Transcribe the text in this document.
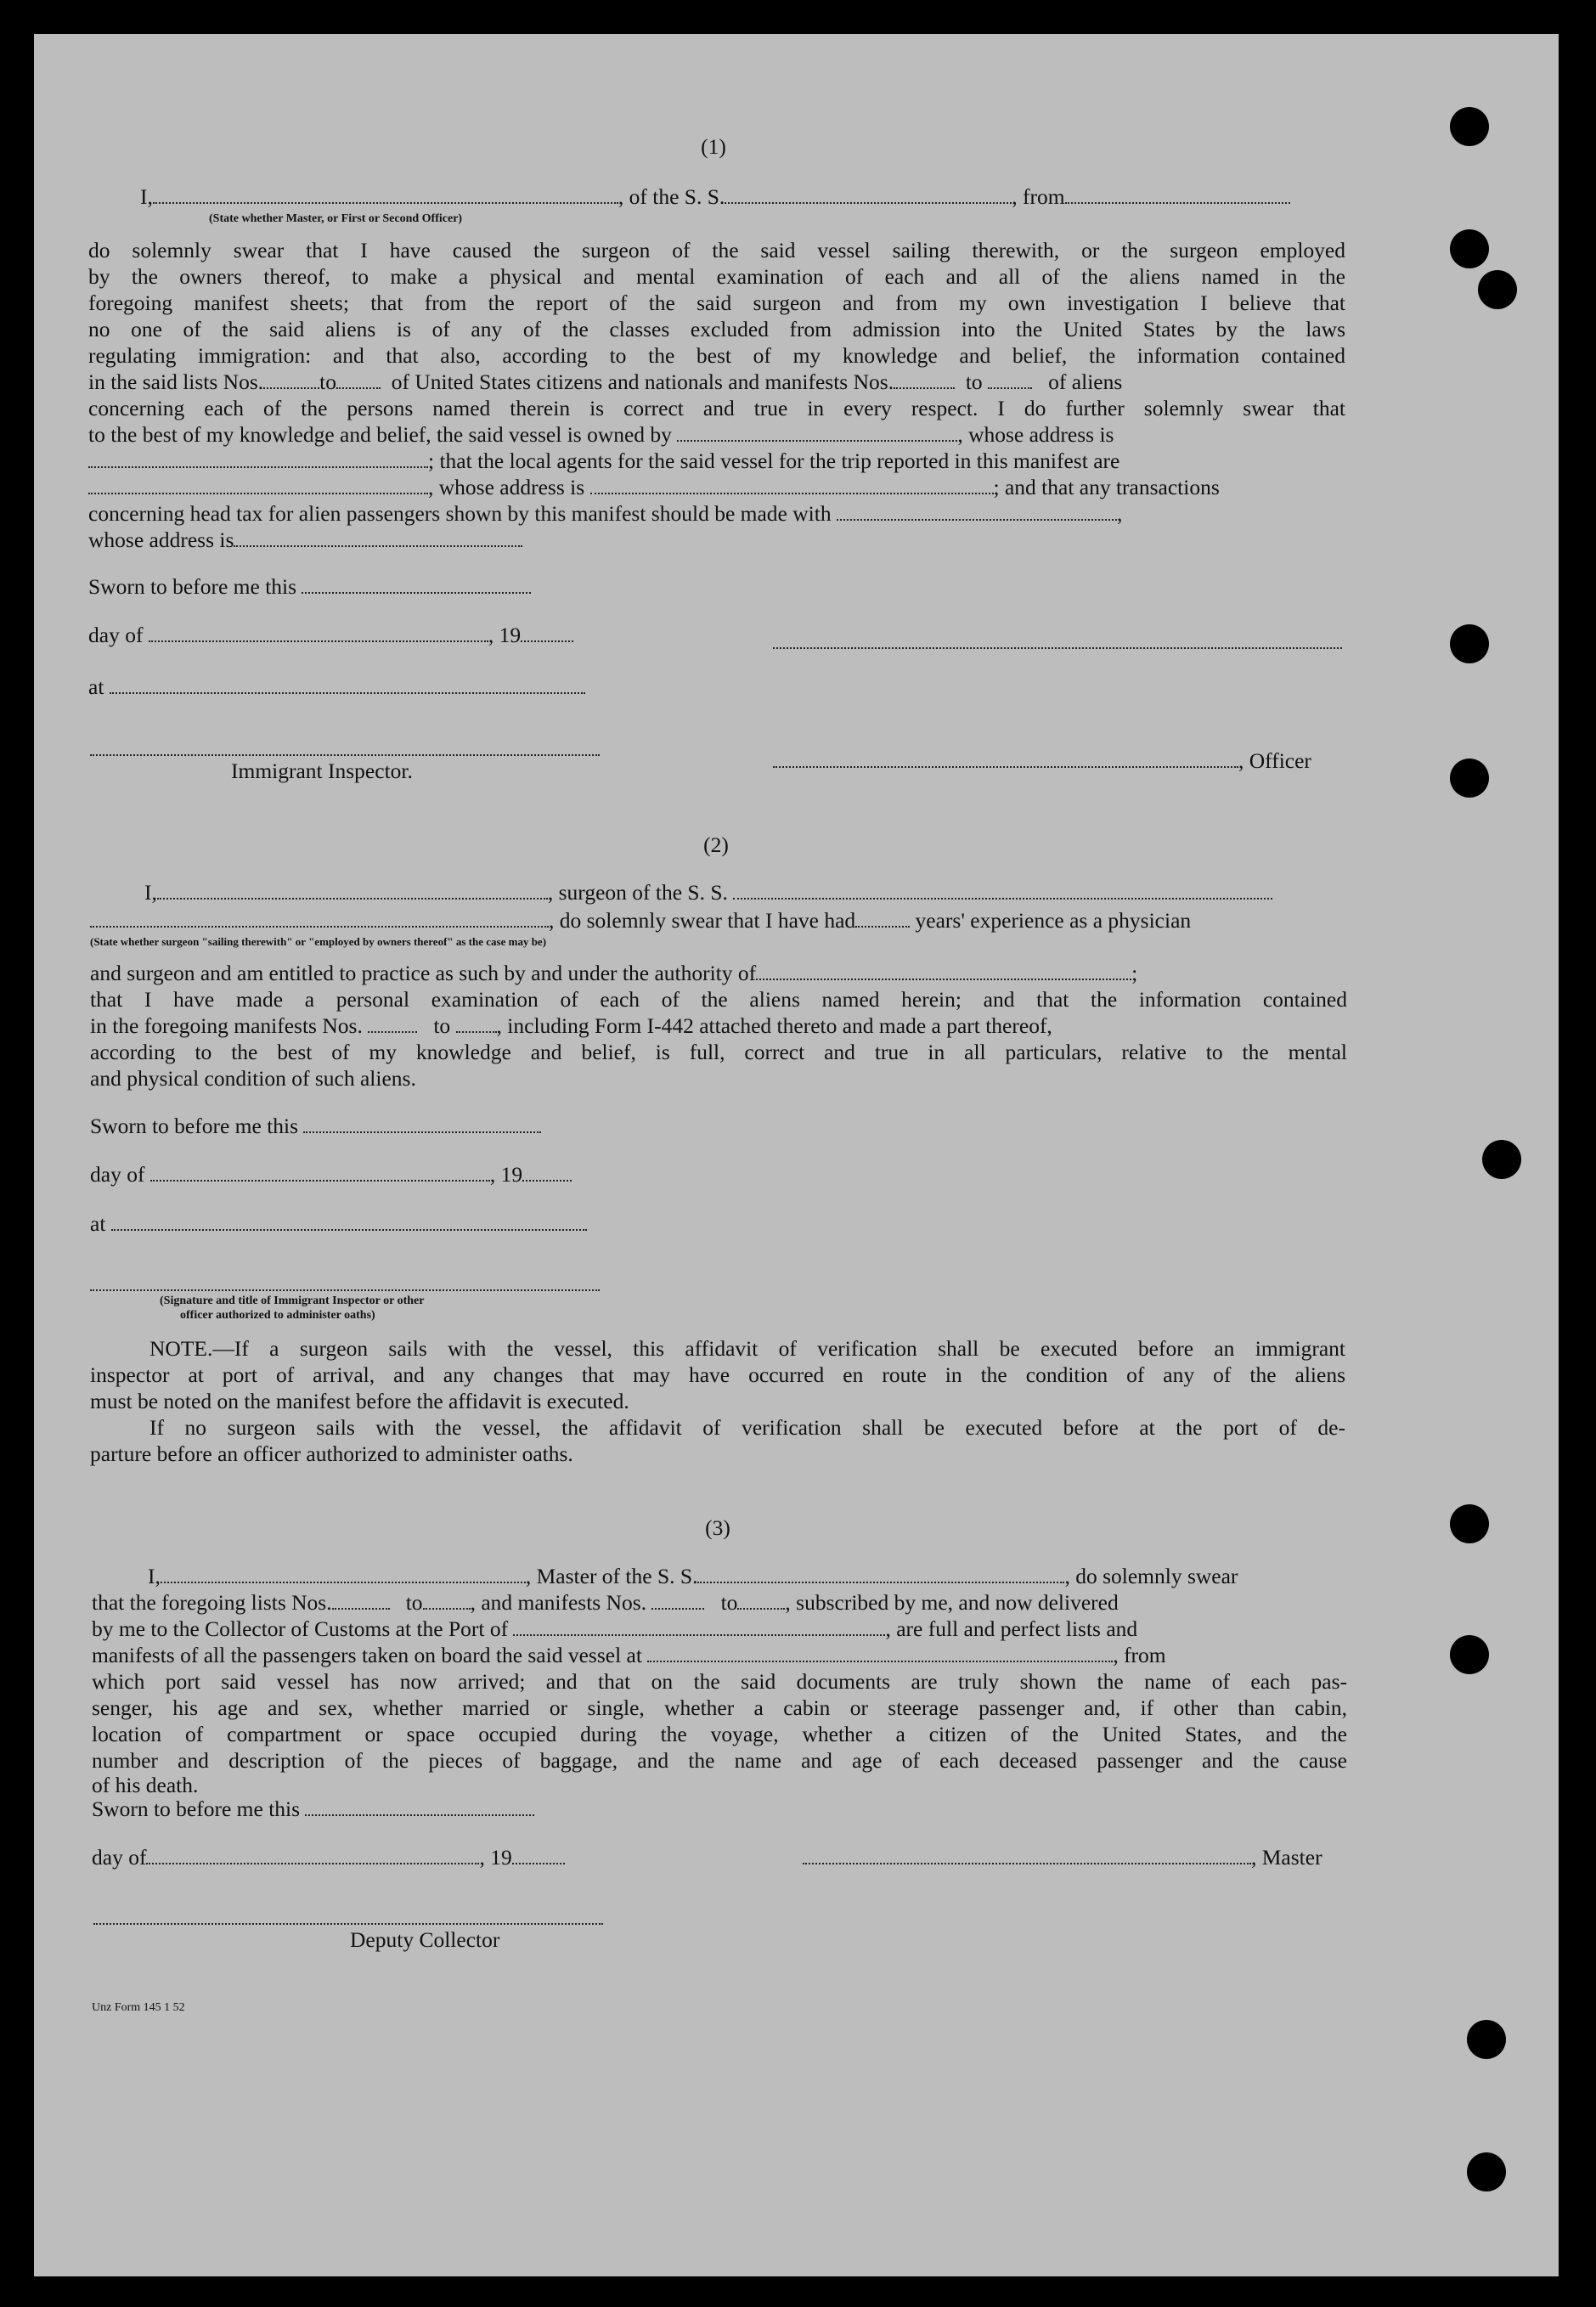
(1)
I,	, of the S. S.	, from
(State whether Master, or First or Second Officer)
do solemnly swear that I have caused the surgeon of the said vessel sailing therewith, or the surgeon employed
by the owners thereof, to make a physical and mental examination of each and all of the aliens named in the
foregoing manifest sheets; that from the report of the said surgeon and from my own investigation I believe that
no one of the said aliens is of any of the classes excluded from admission into the United States by the laws
regulating immigration: and that also, according to the best of my knowledge and belief, the information contained
in the said lists Nos.	to	of United States citizens and nationals and manifests Nos.	to	of aliens
concerning each of the persons named therein is correct and true in every respect. I do further solemnly swear that
to the best of my knowledge and belief, the said vessel is owned by	, whose address is
; that the local agents for the said vessel for the trip reported in this manifest are
, whose address is	; and that any transactions
concerning head tax for alien passengers shown by this manifest should be made with	,
whose address is
Sworn to before me this
day of	, 19
at
Immigrant Inspector.	, Officer
(2)
I,	, surgeon of the S. S.
, do solemnly swear that I have had	years' experience as a physician
(State whether surgeon "sailing therewith" or "employed by owners thereof" as the case may be)
and surgeon and am entitled to practice as such by and under the authority of	;
that I have made a personal examination of each of the aliens named herein; and that the information contained
in the foregoing manifests Nos.	to , including Form I-442 attached thereto and made a part thereof,
according to the best of my knowledge and belief, is full, correct and true in all particulars, relative to the mental
and physical condition of such aliens.
Sworn to before me this
day of	, 19
at
(Signature and title of Immigrant Inspector or other
officer authorized to administer oaths)
NOTE.—If a surgeon sails with the vessel, this affidavit of verification shall be executed before an immigrant
inspector at port of arrival, and any changes that may have occurred en route in the condition of any of the aliens
must be noted on the manifest before the affidavit is executed.
If no surgeon sails with the vessel, the affidavit of verification shall be executed before at the port of de-
parture before an officer authorized to administer oaths.
(3)
I,	, Master of the S. S.	, do solemnly swear
that the foregoing lists Nos.	to , and manifests Nos.	to , subscribed by me, and now delivered
by me to the Collector of Customs at the Port of	, are full and perfect lists and
manifests of all the passengers taken on board the said vessel at	, from
which port said vessel has now arrived; and that on the said documents are truly shown the name of each pas-
senger, his age and sex, whether married or single, whether a cabin or steerage passenger and, if other than cabin,
location of compartment or space occupied during the voyage, whether a citizen of the United States, and the
number and description of the pieces of baggage, and the name and age of each deceased passenger and the cause
of his death.
Sworn to before me this
day of	, 19	, Master
Deputy Collector
Unz Form 145 1 52
